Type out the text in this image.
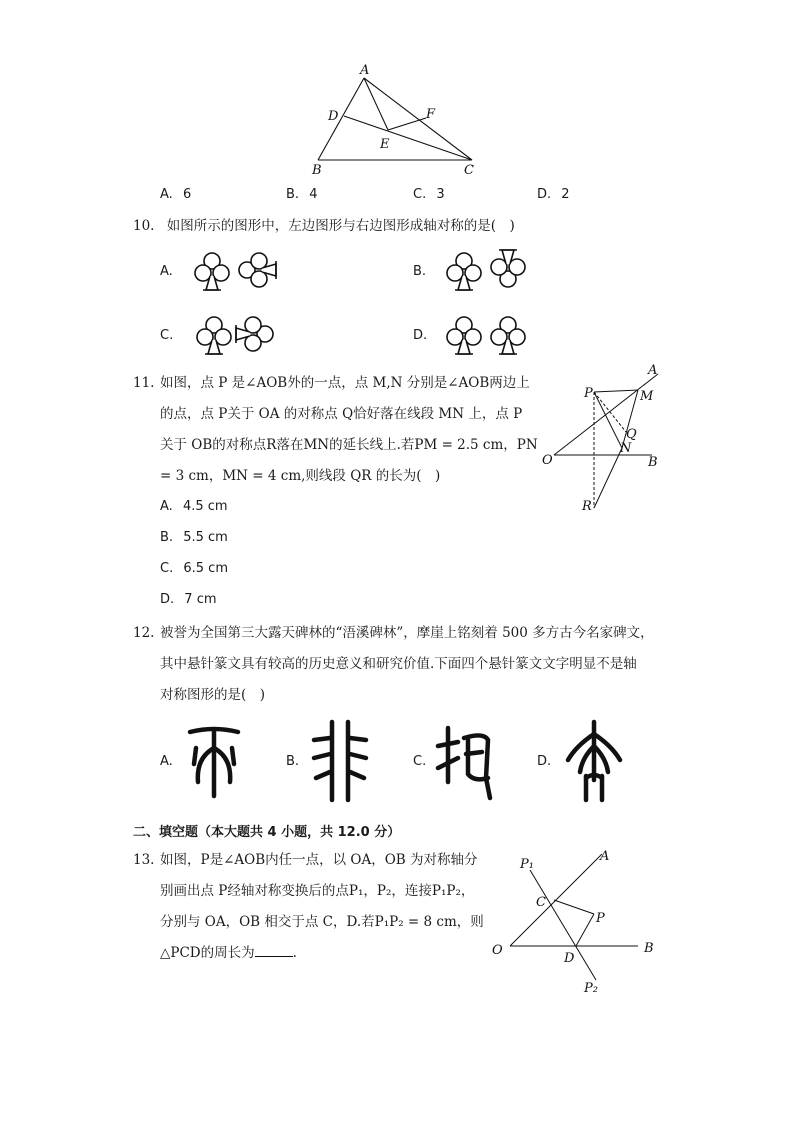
A
D	F
E
B	C
A. 6	B. 4	C. 3	D. 2
10. 如图所示的图形中，左边图形与右边图形成轴对称的是(　)
A.	B.
C.	D.
11. 如图，点 P 是∠AOB外的一点，点 M,N 分别是∠AOB两边上
的点，点 P关于 OA 的对称点 Q恰好落在线段 MN 上，点 P
关于 OB的对称点R落在MN的延长线上.若PM = 2.5 cm，PN
= 3 cm，MN = 4 cm,则线段 QR 的长为(　)
A. 4.5 cm
B. 5.5 cm
C. 6.5 cm
D. 7 cm
P
A
M
Q
O
N
B
R
12. 被誉为全国第三大露天碑林的“浯溪碑林”，摩崖上铭刻着 500 多方古今名家碑文，
其中悬针篆文具有较高的历史意义和研究价值.下面四个悬针篆文文字明显不是轴
对称图形的是(　)
A.	B.	C.	D.
二、填空题（本大题共 4 小题，共 12.0 分）
13. 如图，P是∠AOB内任一点，以 OA，OB 为对称轴分
别画出点 P经轴对称变换后的点P₁，P₂，连接P₁P₂，
分别与 OA，OB 相交于点 C，D.若P₁P₂ = 8 cm，则
△PCD的周长为	.
P₁
A
C
P
O
D
B
P₂
